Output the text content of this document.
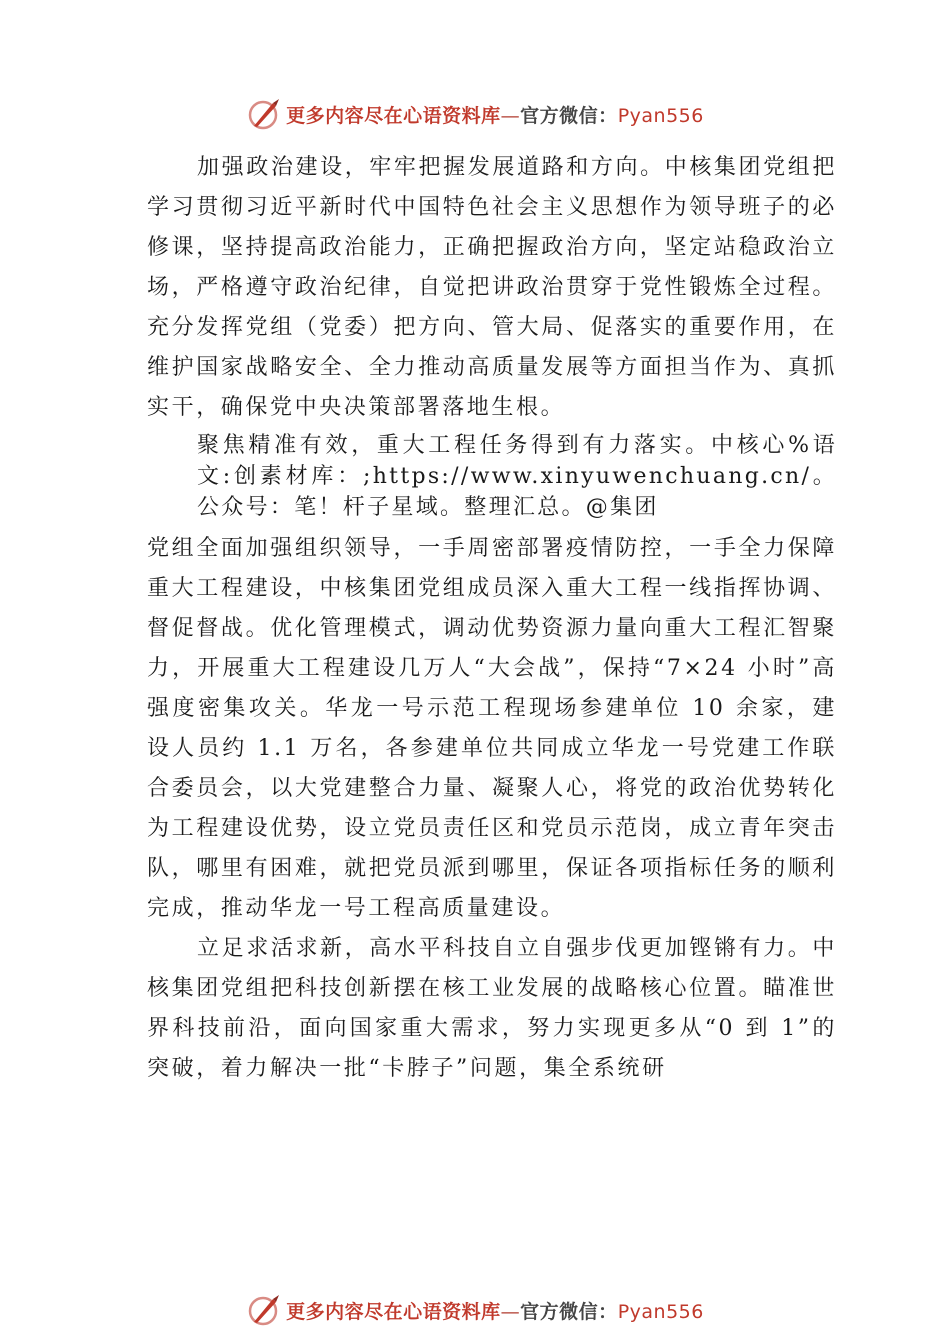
更多内容尽在心语资料库—官方微信：Pyan556

加强政治建设，牢牢把握发展道路和方向。中核集团党组把学习贯彻习近平新时代中国特色社会主义思想作为领导班子的必修课，坚持提高政治能力，正确把握政治方向，坚定站稳政治立场，严格遵守政治纪律，自觉把讲政治贯穿于党性锻炼全过程。充分发挥党组（党委）把方向、管大局、促落实的重要作用，在维护国家战略安全、全力推动高质量发展等方面担当作为、真抓实干，确保党中央决策部署落地生根。

聚焦精准有效，重大工程任务得到有力落实。中核心%语文:创素材库：;https://www.xinyuwenchuang.cn/。公众号：笔！杆子星域。整理汇总。@集团

党组全面加强组织领导，一手周密部署疫情防控，一手全力保障重大工程建设，中核集团党组成员深入重大工程一线指挥协调、督促督战。优化管理模式，调动优势资源力量向重大工程汇智聚力，开展重大工程建设几万人“大会战”，保持“7×24 小时”高强度密集攻关。华龙一号示范工程现场参建单位 10 余家，建设人员约 1.1 万名，各参建单位共同成立华龙一号党建工作联合委员会，以大党建整合力量、凝聚人心，将党的政治优势转化为工程建设优势，设立党员责任区和党员示范岗，成立青年突击队，哪里有困难，就把党员派到哪里，保证各项指标任务的顺利完成，推动华龙一号工程高质量建设。

立足求活求新，高水平科技自立自强步伐更加铿锵有力。中核集团党组把科技创新摆在核工业发展的战略核心位置。瞄准世界科技前沿，面向国家重大需求，努力实现更多从“0 到 1”的突破，着力解决一批“卡脖子”问题，集全系统研

更多内容尽在心语资料库—官方微信：Pyan556
